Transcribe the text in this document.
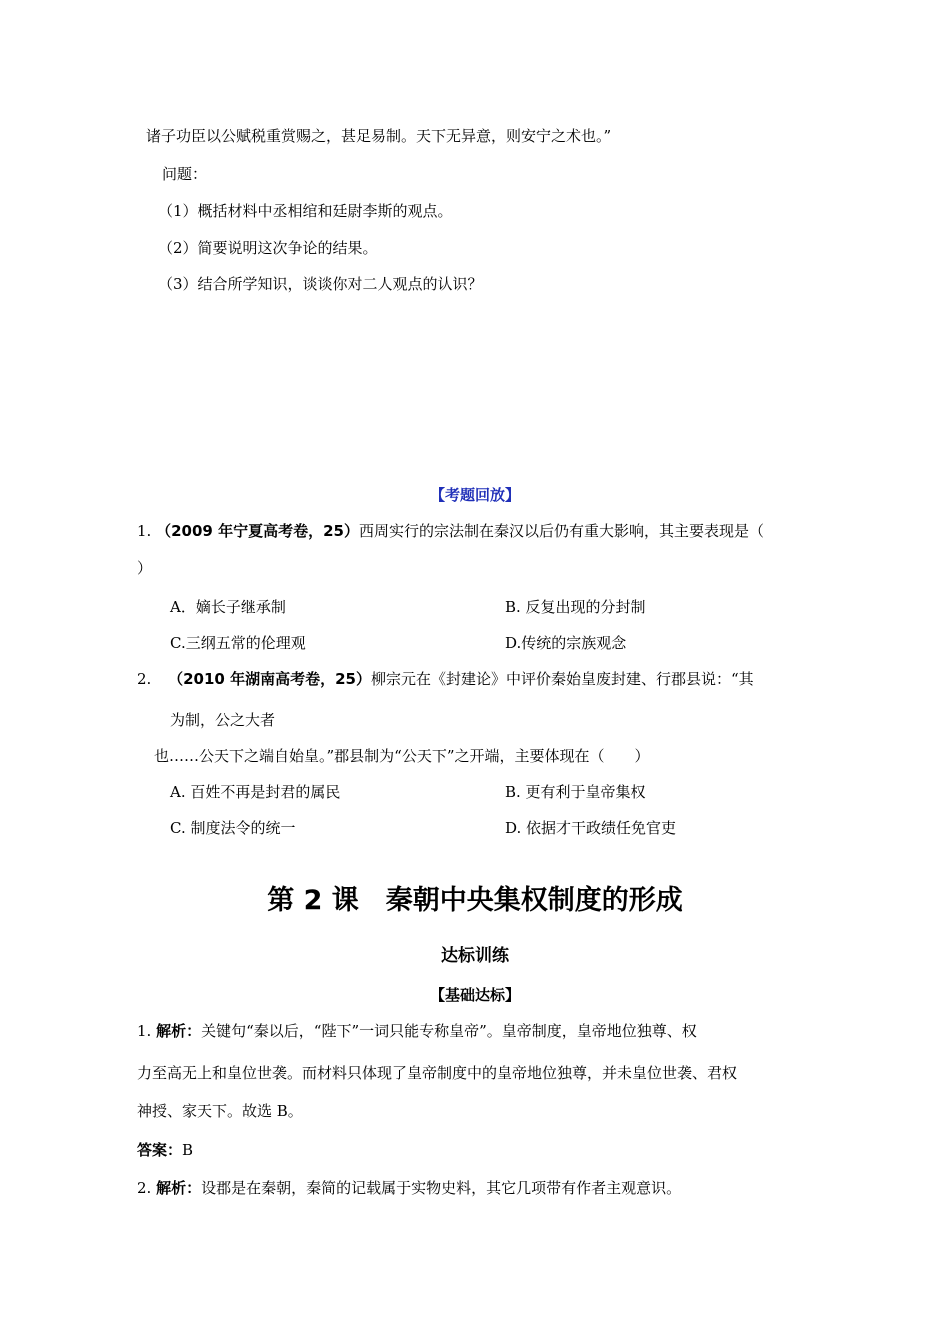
诸子功臣以公赋税重赏赐之，甚足易制。天下无异意，则安宁之术也。”
问题：
（1）概括材料中丞相绾和廷尉李斯的观点。
（2）简要说明这次争论的结果。
（3）结合所学知识，谈谈你对二人观点的认识？
【考题回放】
1. （2009 年宁夏高考卷，25）西周实行的宗法制在秦汉以后仍有重大影响，其主要表现是（
）
A．嫡长子继承制	B. 反复出现的分封制
C.三纲五常的伦理观	D.传统的宗族观念
2. （2010 年湖南高考卷，25）柳宗元在《封建论》中评价秦始皇废封建、行郡县说：“其
为制，公之大者
也……公天下之端自始皇。”郡县制为“公天下”之开端，主要体现在（　　）
A. 百姓不再是封君的属民	B. 更有利于皇帝集权
C. 制度法令的统一	D. 依据才干政绩任免官吏
第 2 课　秦朝中央集权制度的形成
达标训练
【基础达标】
1. 解析：关键句“秦以后，“陛下”一词只能专称皇帝”。皇帝制度，皇帝地位独尊、权
力至高无上和皇位世袭。而材料只体现了皇帝制度中的皇帝地位独尊，并未皇位世袭、君权
神授、家天下。故选 B。
答案：B
2. 解析：设郡是在秦朝，秦简的记载属于实物史料，其它几项带有作者主观意识。
